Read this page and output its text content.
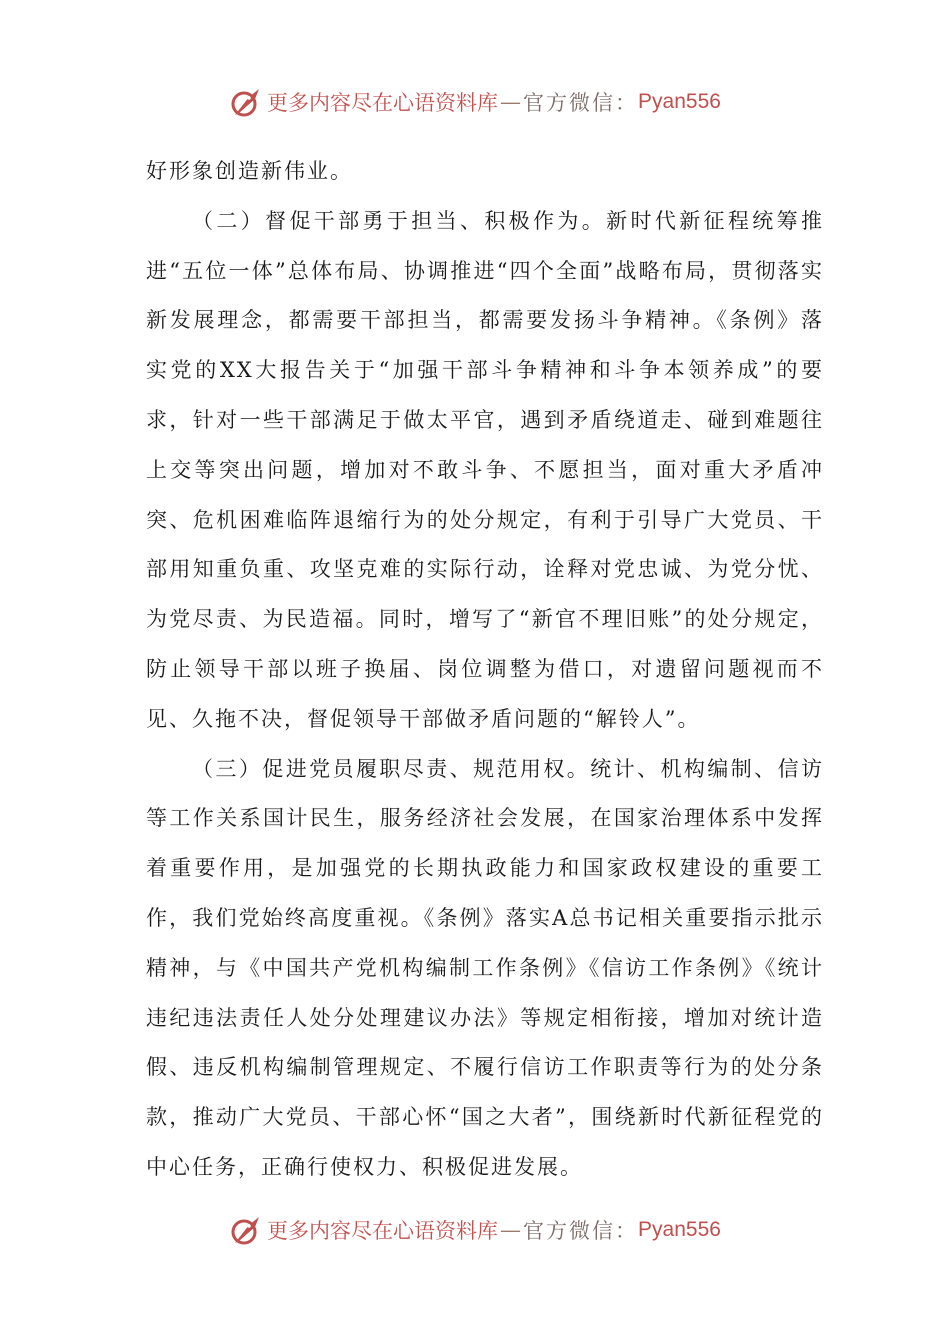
更多内容尽在心语资料库 — 官方微信： Pyan556

好形象创造新伟业。

（二）督促干部勇于担当、积极作为。新时代新征程统筹推进“五位一体”总体布局、协调推进“四个全面”战略布局，贯彻落实新发展理念，都需要干部担当，都需要发扬斗争精神。《条例》落实党的XX大报告关于“加强干部斗争精神和斗争本领养成”的要求，针对一些干部满足于做太平官，遇到矛盾绕道走、碰到难题往上交等突出问题，增加对不敢斗争、不愿担当，面对重大矛盾冲突、危机困难临阵退缩行为的处分规定，有利于引导广大党员、干部用知重负重、攻坚克难的实际行动，诠释对党忠诚、为党分忧、为党尽责、为民造福。同时，增写了“新官不理旧账”的处分规定，防止领导干部以班子换届、岗位调整为借口，对遗留问题视而不见、久拖不决，督促领导干部做矛盾问题的“解铃人”。

（三）促进党员履职尽责、规范用权。统计、机构编制、信访等工作关系国计民生，服务经济社会发展，在国家治理体系中发挥着重要作用，是加强党的长期执政能力和国家政权建设的重要工作，我们党始终高度重视。《条例》落实A总书记相关重要指示批示精神，与《中国共产党机构编制工作条例》《信访工作条例》《统计违纪违法责任人处分处理建议办法》等规定相衔接，增加对统计造假、违反机构编制管理规定、不履行信访工作职责等行为的处分条款，推动广大党员、干部心怀“国之大者”，围绕新时代新征程党的中心任务，正确行使权力、积极促进发展。

更多内容尽在心语资料库 — 官方微信： Pyan556
